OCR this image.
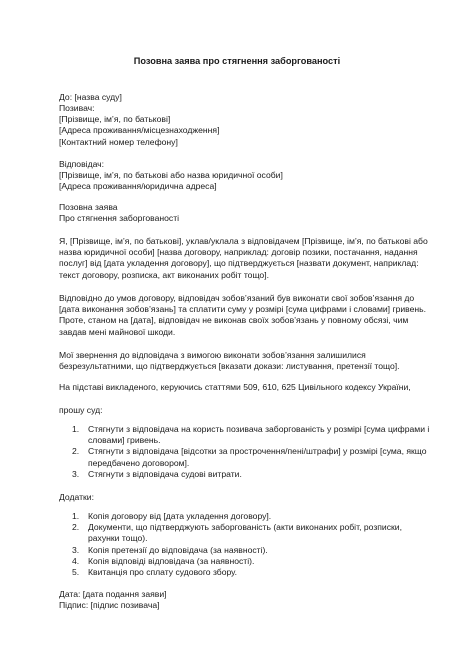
Позовна заява про стягнення заборгованості
До: [назва суду]
Позивач:
[Прізвище, ім’я, по батькові]
[Адреса проживання/місцезнаходження]
[Контактний номер телефону]
Відповідач:
[Прізвище, ім’я, по батькові або назва юридичної особи]
[Адреса проживання/юридична адреса]
Позовна заява
Про стягнення заборгованості
Я, [Прізвище, ім’я, по батькові], уклав/уклала з відповідачем [Прізвище, ім’я, по батькові або назва юридичної особи] [назва договору, наприклад: договір позики, постачання, надання послуг] від [дата укладення договору], що підтверджується [назвати документ, наприклад: текст договору, розписка, акт виконаних робіт тощо].
Відповідно до умов договору, відповідач зобов’язаний був виконати свої зобов’язання до [дата виконання зобов’язань] та сплатити суму у розмірі [сума цифрами і словами] гривень. Проте, станом на [дата], відповідач не виконав своїх зобов’язань у повному обсязі, чим завдав мені майнової шкоди.
Мої звернення до відповідача з вимогою виконати зобов’язання залишилися безрезультатними, що підтверджується [вказати докази: листування, претензії тощо].
На підставі викладеного, керуючись статтями 509, 610, 625 Цивільного кодексу України,
прошу суд:
1. Стягнути з відповідача на користь позивача заборгованість у розмірі [сума цифрами і словами] гривень.
2. Стягнути з відповідача [відсотки за прострочення/пені/штрафи] у розмірі [сума, якщо передбачено договором].
3. Стягнути з відповідача судові витрати.
Додатки:
1. Копія договору від [дата укладення договору].
2. Документи, що підтверджують заборгованість (акти виконаних робіт, розписки, рахунки тощо).
3. Копія претензії до відповідача (за наявності).
4. Копія відповіді відповідача (за наявності).
5. Квитанція про сплату судового збору.
Дата: [дата подання заяви]
Підпис: [підпис позивача]
